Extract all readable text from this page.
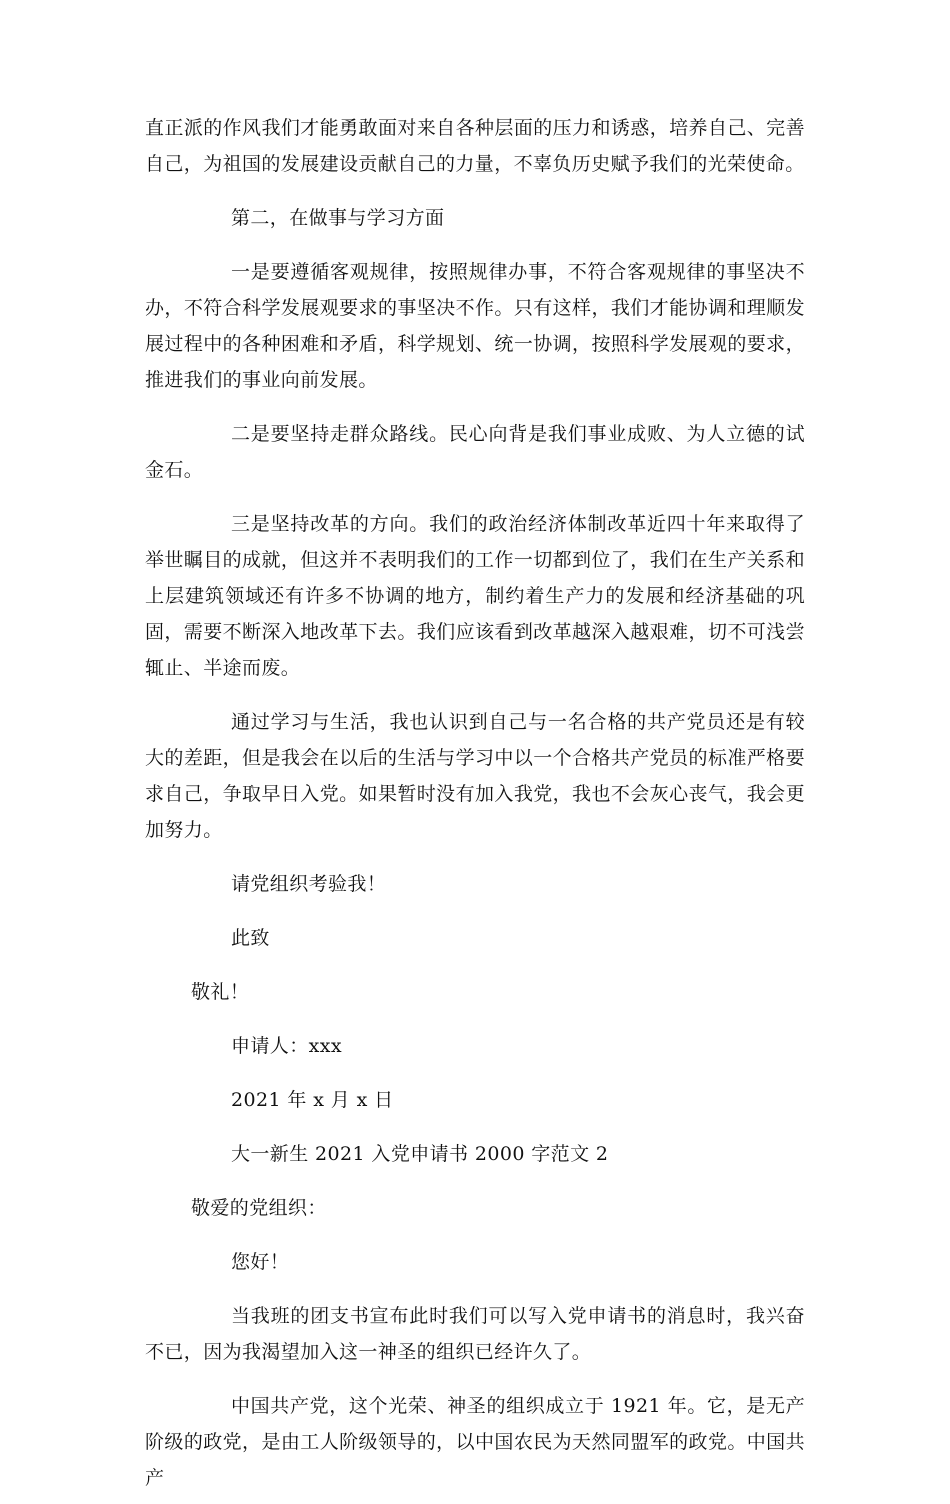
直正派的作风我们才能勇敢面对来自各种层面的压力和诱惑，培养自己、完善自己，为祖国的发展建设贡献自己的力量，不辜负历史赋予我们的光荣使命。

第二，在做事与学习方面

一是要遵循客观规律，按照规律办事，不符合客观规律的事坚决不办，不符合科学发展观要求的事坚决不作。只有这样，我们才能协调和理顺发展过程中的各种困难和矛盾，科学规划、统一协调，按照科学发展观的要求，推进我们的事业向前发展。

二是要坚持走群众路线。民心向背是我们事业成败、为人立德的试金石。

三是坚持改革的方向。我们的政治经济体制改革近四十年来取得了举世瞩目的成就，但这并不表明我们的工作一切都到位了，我们在生产关系和上层建筑领域还有许多不协调的地方，制约着生产力的发展和经济基础的巩固，需要不断深入地改革下去。我们应该看到改革越深入越艰难，切不可浅尝辄止、半途而废。

通过学习与生活，我也认识到自己与一名合格的共产党员还是有较大的差距，但是我会在以后的生活与学习中以一个合格共产党员的标准严格要求自己，争取早日入党。如果暂时没有加入我党，我也不会灰心丧气，我会更加努力。

请党组织考验我！

此致

敬礼！

申请人：xxx

2021 年 x 月 x 日

大一新生 2021 入党申请书 2000 字范文 2

敬爱的党组织：

您好！

当我班的团支书宣布此时我们可以写入党申请书的消息时，我兴奋不已，因为我渴望加入这一神圣的组织已经许久了。

中国共产党，这个光荣、神圣的组织成立于 1921 年。它，是无产阶级的政党，是由工人阶级领导的，以中国农民为天然同盟军的政党。中国共产
